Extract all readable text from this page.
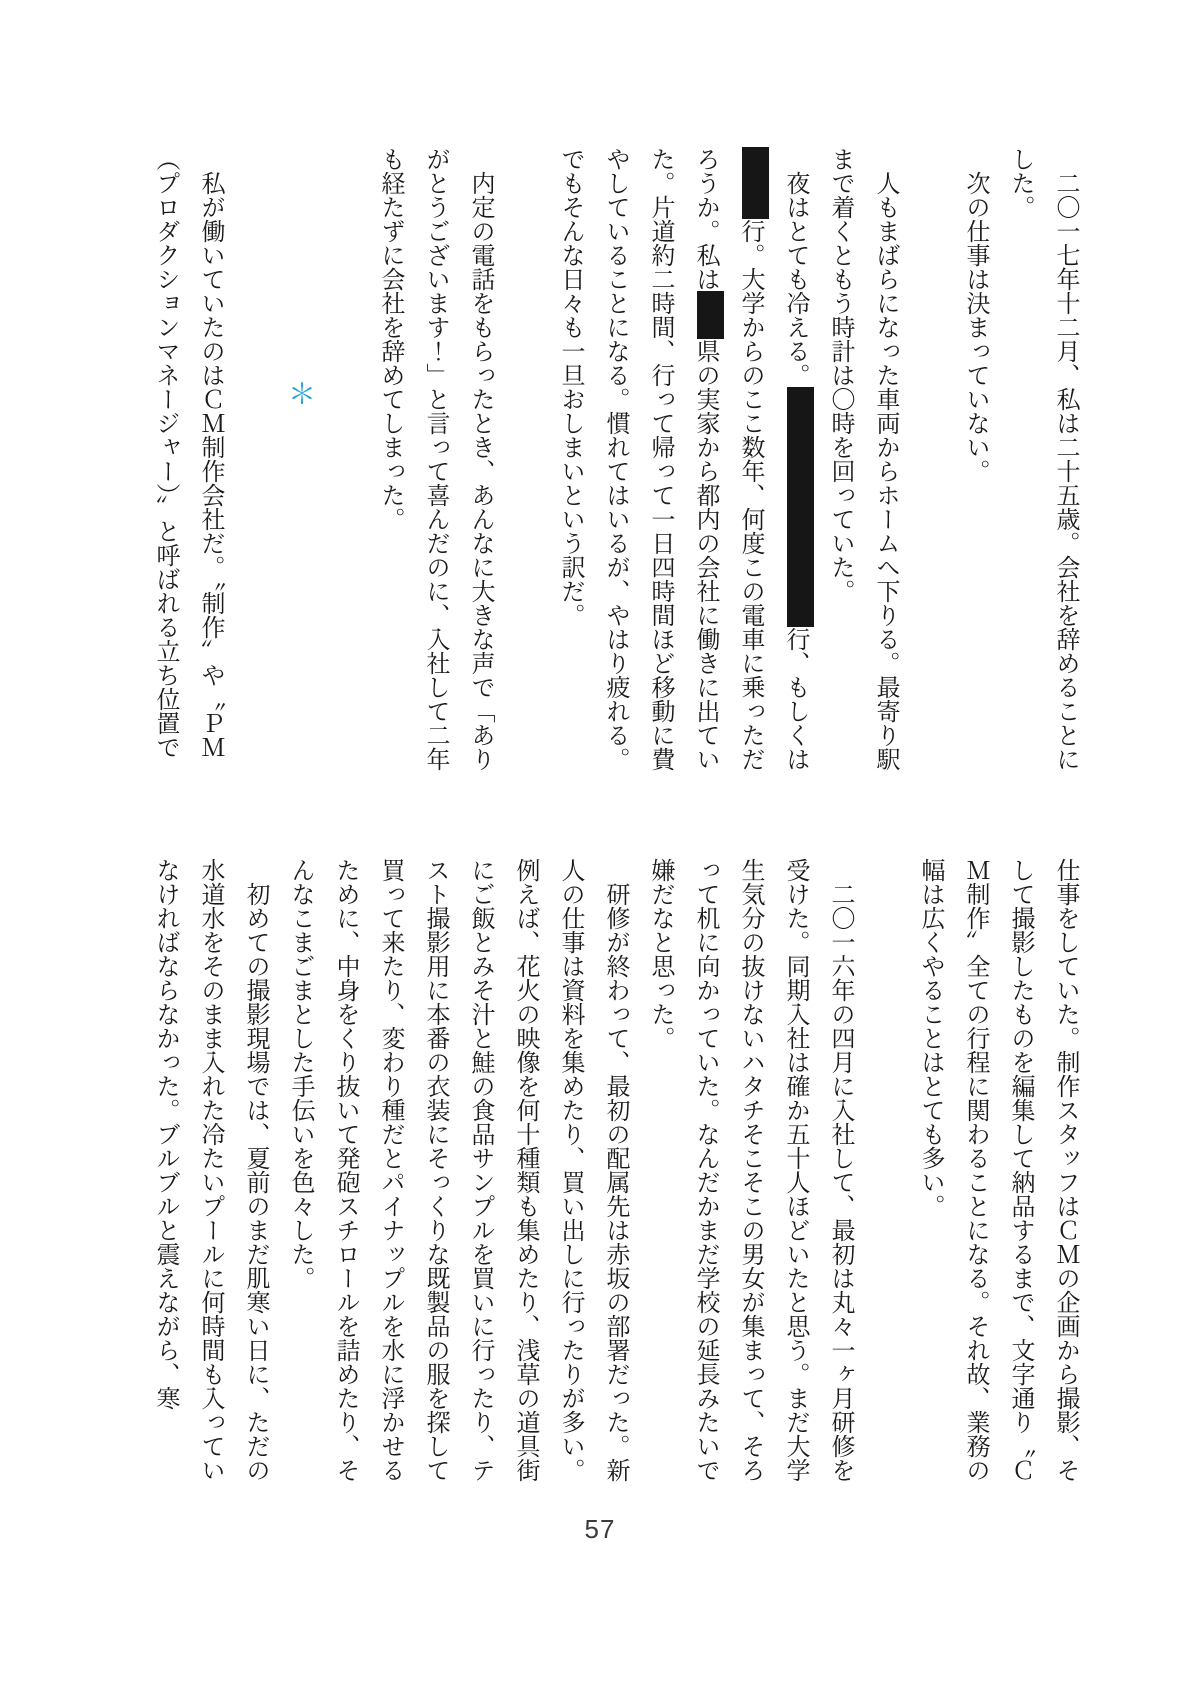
二〇一七年十二月、私は二十五歳。会社を辞めることにした。

次の仕事は決まっていない。

人もまばらになった車両からホームへ下りる。最寄り駅まで着くともう時計は〇時を回っていた。

夜はとても冷える。行、もしくは行。大学からのここ数年、何度この電車に乗っただろうか。私は県の実家から都内の会社に働きに出ていた。片道約二時間、行って帰って一日四時間ほど移動に費やしていることになる。慣れてはいるが、やはり疲れる。でもそんな日々も一旦おしまいという訳だ。

内定の電話をもらったとき、あんなに大きな声で「ありがとうございます！」と言って喜んだのに、入社して二年も経たずに会社を辞めてしまった。

＊

私が働いていたのはＣＭ制作会社だ。〝制作〟や〝ＰＭ（プロダクションマネージャー）〟と呼ばれる立ち位置で

仕事をしていた。制作スタッフはＣＭの企画から撮影、そして撮影したものを編集して納品するまで、文字通り〝ＣＭ制作〟全ての行程に関わることになる。それ故、業務の幅は広くやることはとても多い。

二〇一六年の四月に入社して、最初は丸々一ヶ月研修を受けた。同期入社は確か五十人ほどいたと思う。まだ大学生気分の抜けないハタチそこそこの男女が集まって、そろって机に向かっていた。なんだかまだ学校の延長みたいで嫌だなと思った。

研修が終わって、最初の配属先は赤坂の部署だった。新人の仕事は資料を集めたり、買い出しに行ったりが多い。例えば、花火の映像を何十種類も集めたり、浅草の道具街にご飯とみそ汁と鮭の食品サンプルを買いに行ったり、テスト撮影用に本番の衣装にそっくりな既製品の服を探して買って来たり、変わり種だとパイナップルを水に浮かせるために、中身をくり抜いて発砲スチロールを詰めたり、そんなこまごまとした手伝いを色々した。

初めての撮影現場では、夏前のまだ肌寒い日に、ただの水道水をそのまま入れた冷たいプールに何時間も入っていなければならなかった。ブルブルと震えながら、寒

57
